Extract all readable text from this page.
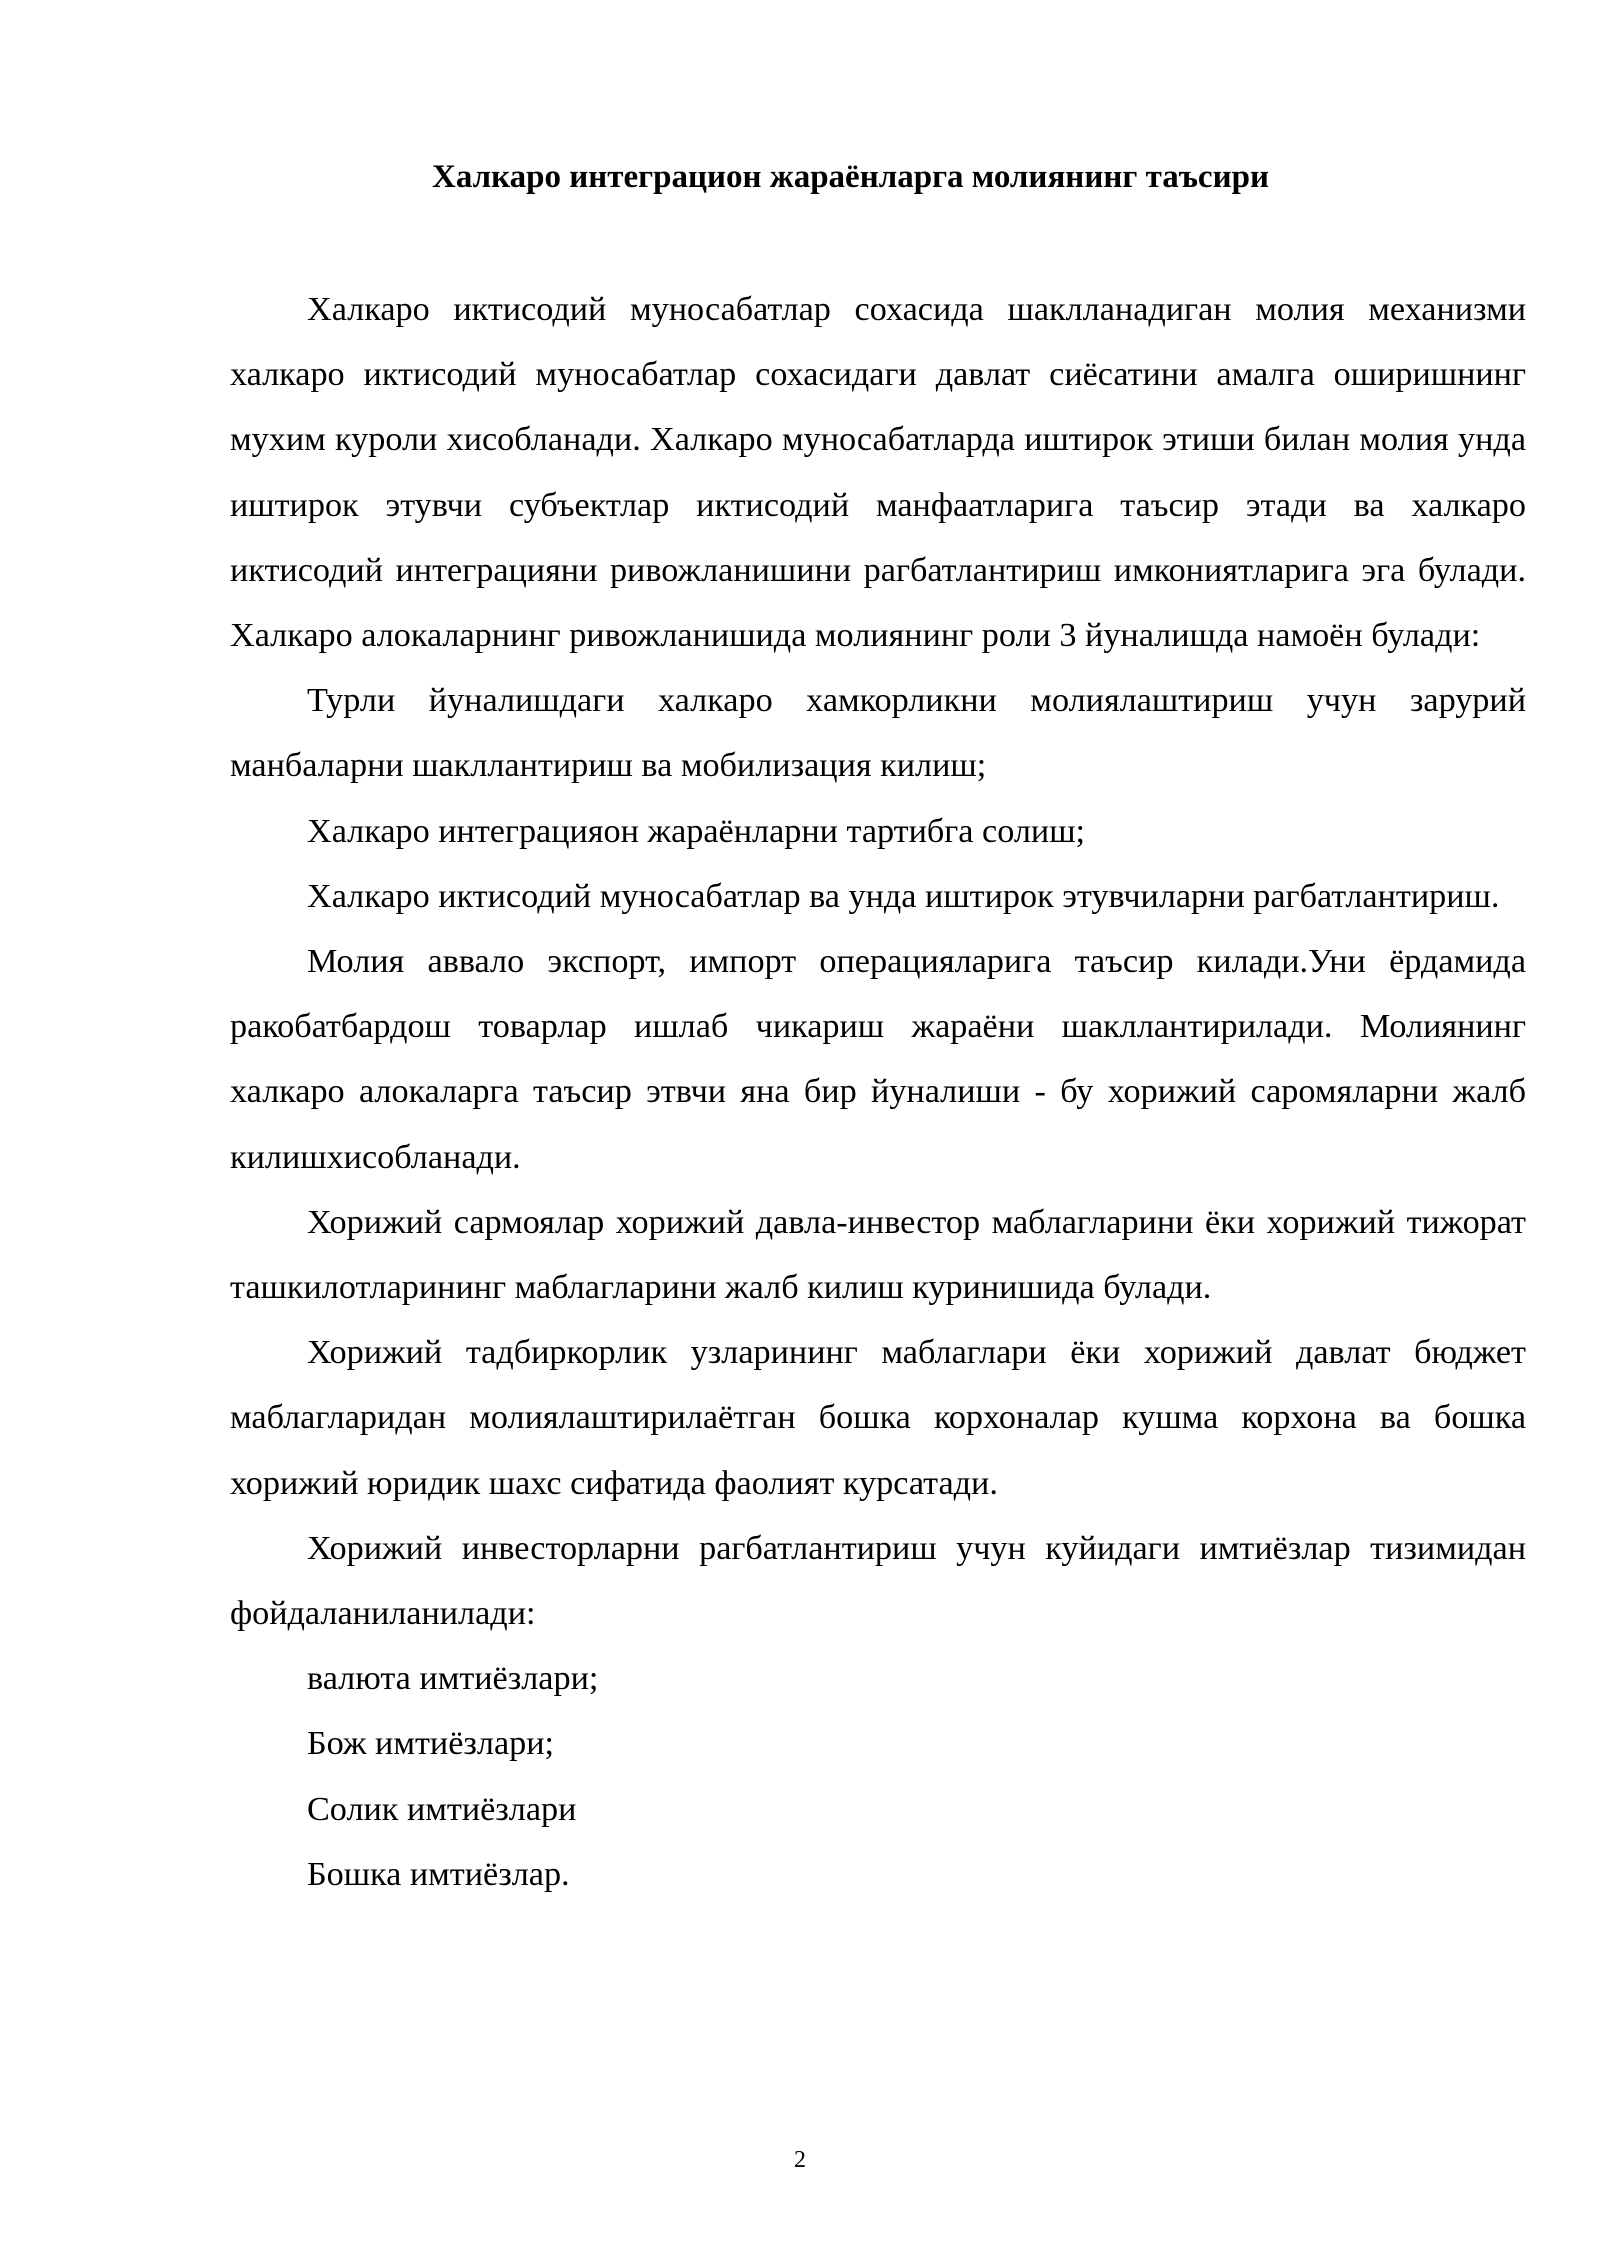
Халкаро интеграцион жараёнларга молиянинг таъсири

Халкаро иктисодий муносабатлар сохасида шаклланадиган молия механизми халкаро иктисодий муносабатлар сохасидаги давлат сиёсатини амалга оширишнинг мухим куроли хисобланади. Халкаро муносабатларда иштирок этиши билан молия унда иштирок этувчи субъектлар иктисодий манфаатларига таъсир этади ва халкаро иктисодий интеграцияни ривожланишини рагбатлантириш имкониятларига эга булади. Халкаро алокаларнинг ривожланишида молиянинг роли 3 йуналишда намоён булади:

Турли йуналишдаги халкаро хамкорликни молиялаштириш учун зарурий манбаларни шакллантириш ва мобилизация килиш;

Халкаро интеграцияон жараёнларни тартибга солиш;

Халкаро иктисодий муносабатлар ва унда иштирок этувчиларни рагбатлантириш.

Молия аввало экспорт, импорт операцияларига таъсир килади.Уни ёрдамида ракобатбардош товарлар ишлаб чикариш жараёни шакллантирилади. Молиянинг халкаро алокаларга таъсир этвчи яна бир йуналиши - бу хорижий саромяларни жалб килишхисобланади.

Хорижий сармоялар хорижий давла-инвестор маблагларини ёки хорижий тижорат ташкилотларининг маблагларини жалб килиш куринишида булади.

Хорижий тадбиркорлик узларининг маблаглари ёки хорижий давлат бюджет маблагларидан молиялаштирилаётган бошка корхоналар кушма корхона ва бошка хорижий юридик шахс сифатида фаолият курсатади.

Хорижий инвесторларни рагбатлантириш учун куйидаги имтиёзлар тизимидан фойдаланиланилади:

валюта имтиёзлари;

Бож имтиёзлари;

Солик имтиёзлари

Бошка имтиёзлар.

2
